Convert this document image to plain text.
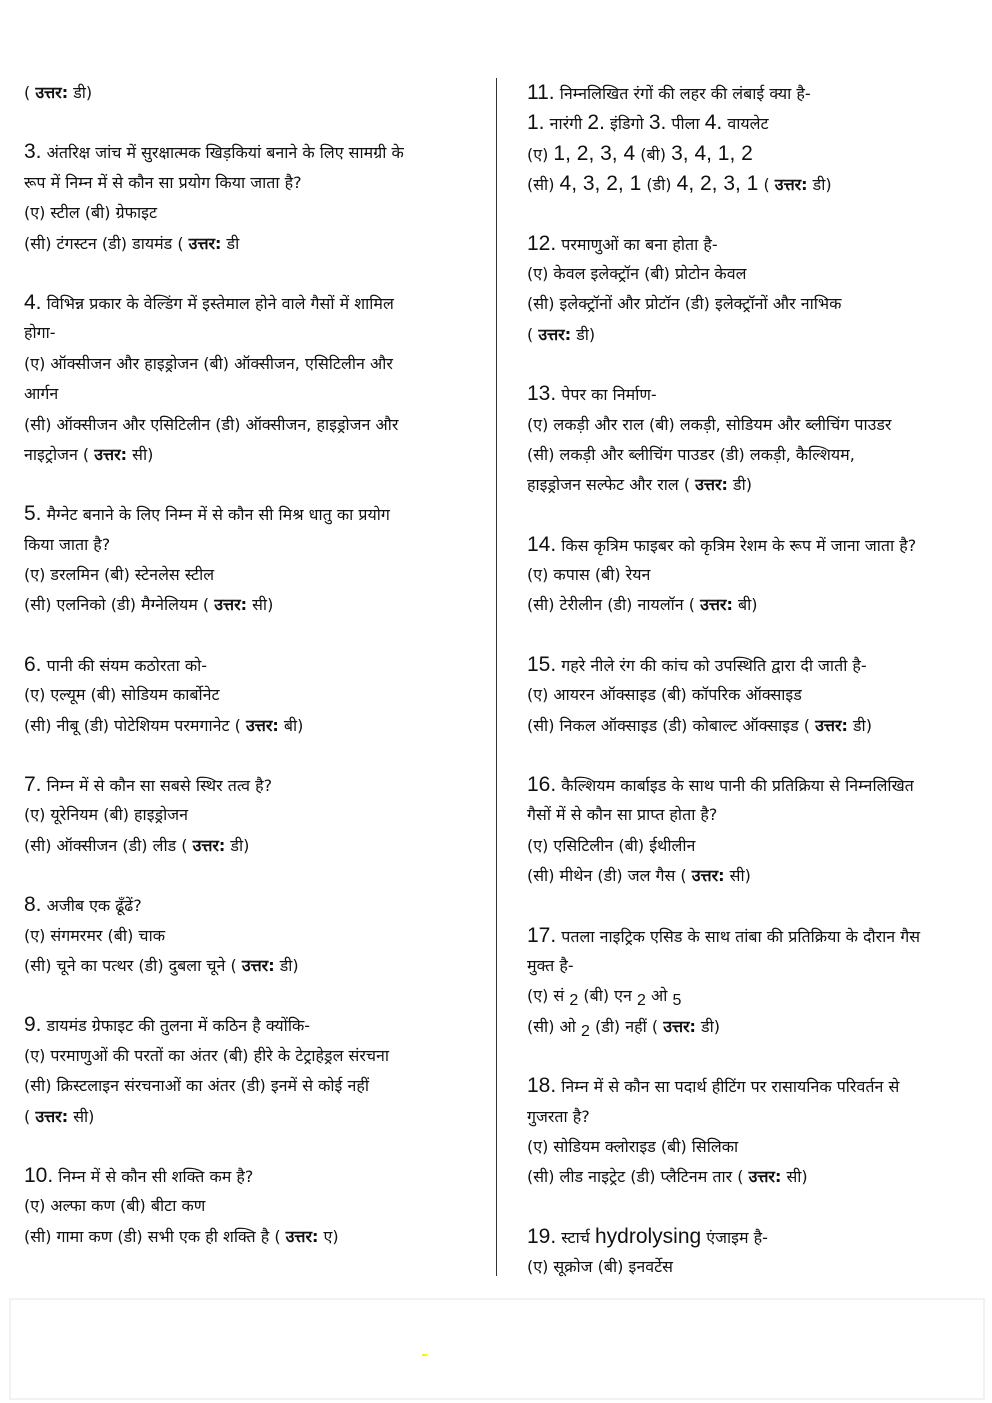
( उत्तर: डी)
3. अंतरिक्ष जांच में सुरक्षात्मक खिड़कियां बनाने के लिए सामग्री के
रूप में निम्न में से कौन सा प्रयोग किया जाता है?
(ए) स्टील (बी) ग्रेफाइट
(सी) टंगस्टन (डी) डायमंड ( उत्तर: डी
4. विभिन्न प्रकार के वेल्डिंग में इस्तेमाल होने वाले गैसों में शामिल
होगा-
(ए) ऑक्सीजन और हाइड्रोजन (बी) ऑक्सीजन, एसिटिलीन और
आर्गन
(सी) ऑक्सीजन और एसिटिलीन (डी) ऑक्सीजन, हाइड्रोजन और
नाइट्रोजन ( उत्तर: सी)
5. मैग्नेट बनाने के लिए निम्न में से कौन सी मिश्र धातु का प्रयोग
किया जाता है?
(ए) डरलमिन (बी) स्टेनलेस स्टील
(सी) एलनिको (डी) मैग्नेलियम ( उत्तर: सी)
6. पानी की संयम कठोरता को-
(ए) एल्यूम (बी) सोडियम कार्बोनेट
(सी) नीबू (डी) पोटेशियम परमगानेट ( उत्तर: बी)
7. निम्न में से कौन सा सबसे स्थिर तत्व है?
(ए) यूरेनियम (बी) हाइड्रोजन
(सी) ऑक्सीजन (डी) लीड ( उत्तर: डी)
8. अजीब एक ढूँढें?
(ए) संगमरमर (बी) चाक
(सी) चूने का पत्थर (डी) दुबला चूने ( उत्तर: डी)
9. डायमंड ग्रेफाइट की तुलना में कठिन है क्योंकि-
(ए) परमाणुओं की परतों का अंतर (बी) हीरे के टेट्राहेड्रल संरचना
(सी) क्रिस्टलाइन संरचनाओं का अंतर (डी) इनमें से कोई नहीं
( उत्तर: सी)
10. निम्न में से कौन सी शक्ति कम है?
(ए) अल्फा कण (बी) बीटा कण
(सी) गामा कण (डी) सभी एक ही शक्ति है ( उत्तर: ए)
11. निम्नलिखित रंगों की लहर की लंबाई क्या है-
1. नारंगी 2. इंडिगो 3. पीला 4. वायलेट
(ए) 1, 2, 3, 4 (बी) 3, 4, 1, 2
(सी) 4, 3, 2, 1 (डी) 4, 2, 3, 1 ( उत्तर: डी)
12. परमाणुओं का बना होता है-
(ए) केवल इलेक्ट्रॉन (बी) प्रोटोन केवल
(सी) इलेक्ट्रॉनों और प्रोटॉन (डी) इलेक्ट्रॉनों और नाभिक
( उत्तर: डी)
13. पेपर का निर्माण-
(ए) लकड़ी और राल (बी) लकड़ी, सोडियम और ब्लीचिंग पाउडर
(सी) लकड़ी और ब्लीचिंग पाउडर (डी) लकड़ी, कैल्शियम,
हाइड्रोजन सल्फेट और राल ( उत्तर: डी)
14. किस कृत्रिम फाइबर को कृत्रिम रेशम के रूप में जाना जाता है?
(ए) कपास (बी) रेयन
(सी) टेरीलीन (डी) नायलॉन ( उत्तर: बी)
15. गहरे नीले रंग की कांच को उपस्थिति द्वारा दी जाती है-
(ए) आयरन ऑक्साइड (बी) कॉपरिक ऑक्साइड
(सी) निकल ऑक्साइड (डी) कोबाल्ट ऑक्साइड ( उत्तर: डी)
16. कैल्शियम कार्बाइड के साथ पानी की प्रतिक्रिया से निम्नलिखित
गैसों में से कौन सा प्राप्त होता है?
(ए) एसिटिलीन (बी) ईथीलीन
(सी) मीथेन (डी) जल गैस ( उत्तर: सी)
17. पतला नाइट्रिक एसिड के साथ तांबा की प्रतिक्रिया के दौरान गैस
मुक्त है-
(ए) सं 2 (बी) एन 2 ओ 5
(सी) ओ 2 (डी) नहीं ( उत्तर: डी)
18. निम्न में से कौन सा पदार्थ हीटिंग पर रासायनिक परिवर्तन से
गुजरता है?
(ए) सोडियम क्लोराइड (बी) सिलिका
(सी) लीड नाइट्रेट (डी) प्लैटिनम तार ( उत्तर: सी)
19. स्टार्च hydrolysing एंजाइम है-
(ए) सूक्रोज (बी) इनवर्टेस
